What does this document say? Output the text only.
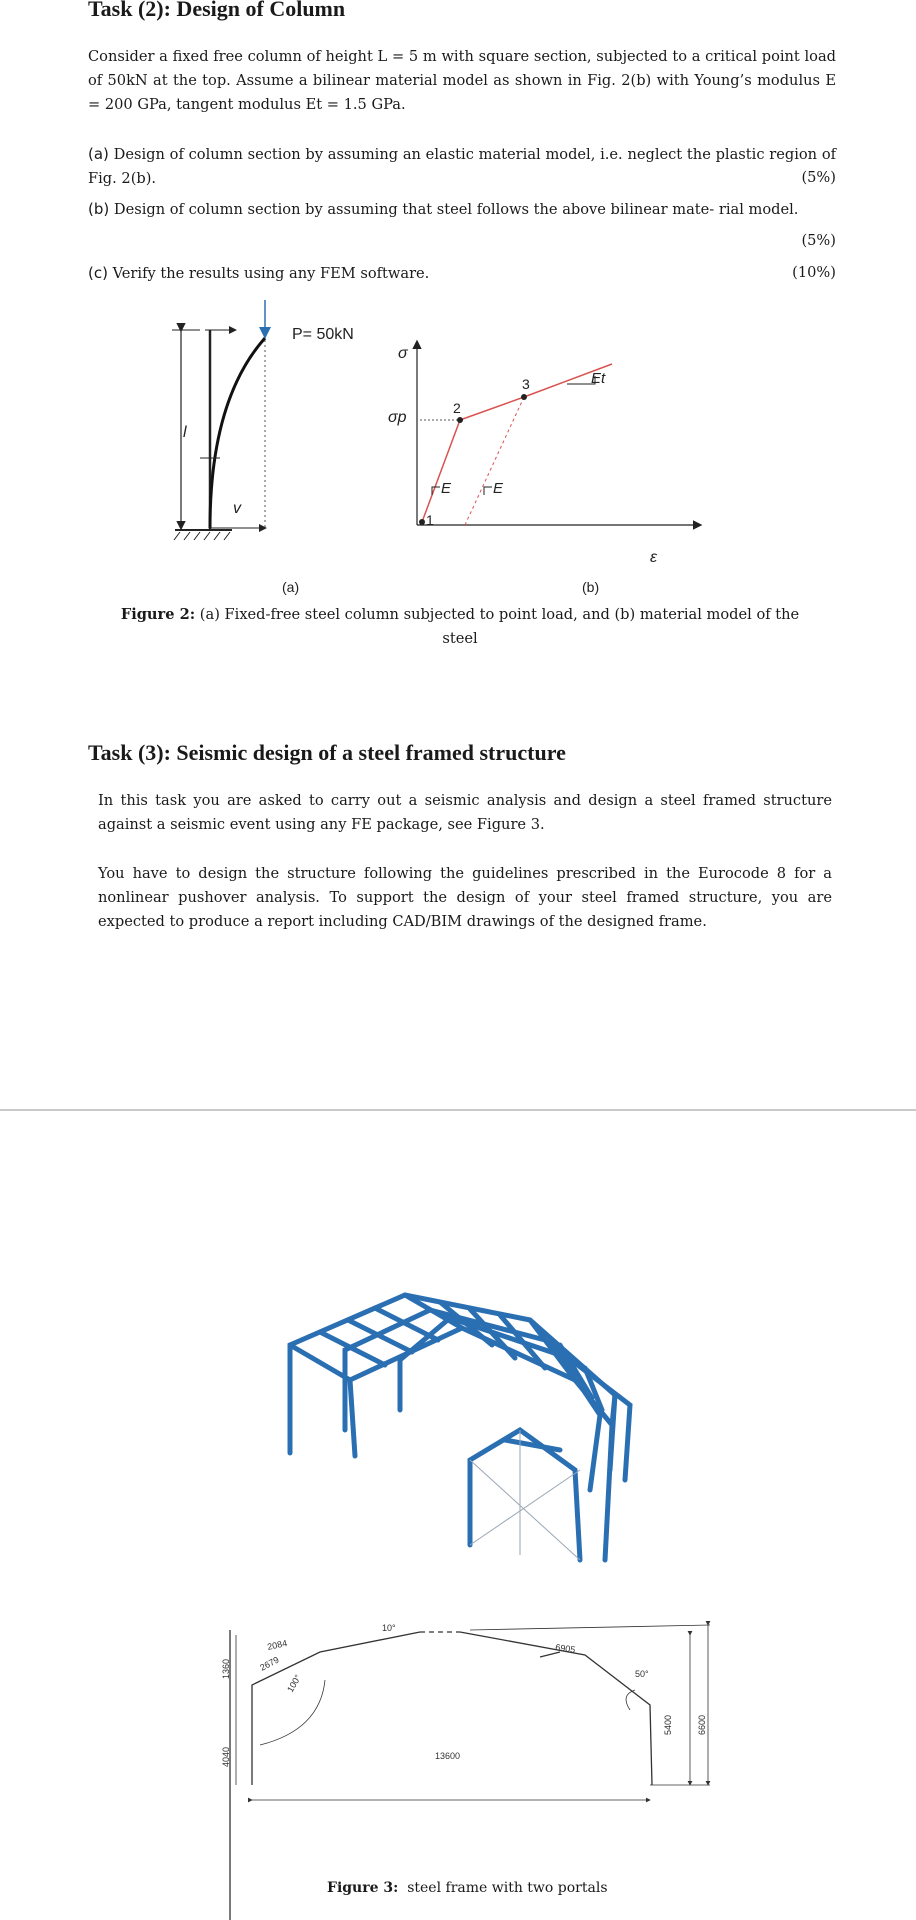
Task (2): Design of Column
Consider a fixed free column of height L = 5 m with square section, subjected to a critical point load of 50kN at the top. Assume a bilinear material model as shown in Fig. 2(b) with Young’s modulus E = 200 GPa, tangent modulus Et = 1.5 GPa.
(a) Design of column section by assuming an elastic material model, i.e. neglect the plastic region of Fig. 2(b).	(5%)
(b) Design of column section by assuming that steel follows the above bilinear mate- rial model.
(5%)
(c) Verify the results using any FEM software.	(10%)
P= 50kN
l
v
σ
σp
ε
E	E
Et
1
2
3
(a)	(b)
Figure 2: (a) Fixed-free steel column subjected to point load, and (b) material model of the steel
Task (3): Seismic design of a steel framed structure
In this task you are asked to carry out a seismic analysis and design a steel framed structure against a seismic event using any FE package, see Figure 3.
You have to design the structure following the guidelines prescribed in the Eurocode 8 for a nonlinear pushover analysis. To support the design of your steel framed structure, you are expected to produce a report including CAD/BIM drawings of the designed frame.
13600
6905
2084
2679
1360
4040
5400	6600
10°
100°	50°
Figure 3: steel frame with two portals
